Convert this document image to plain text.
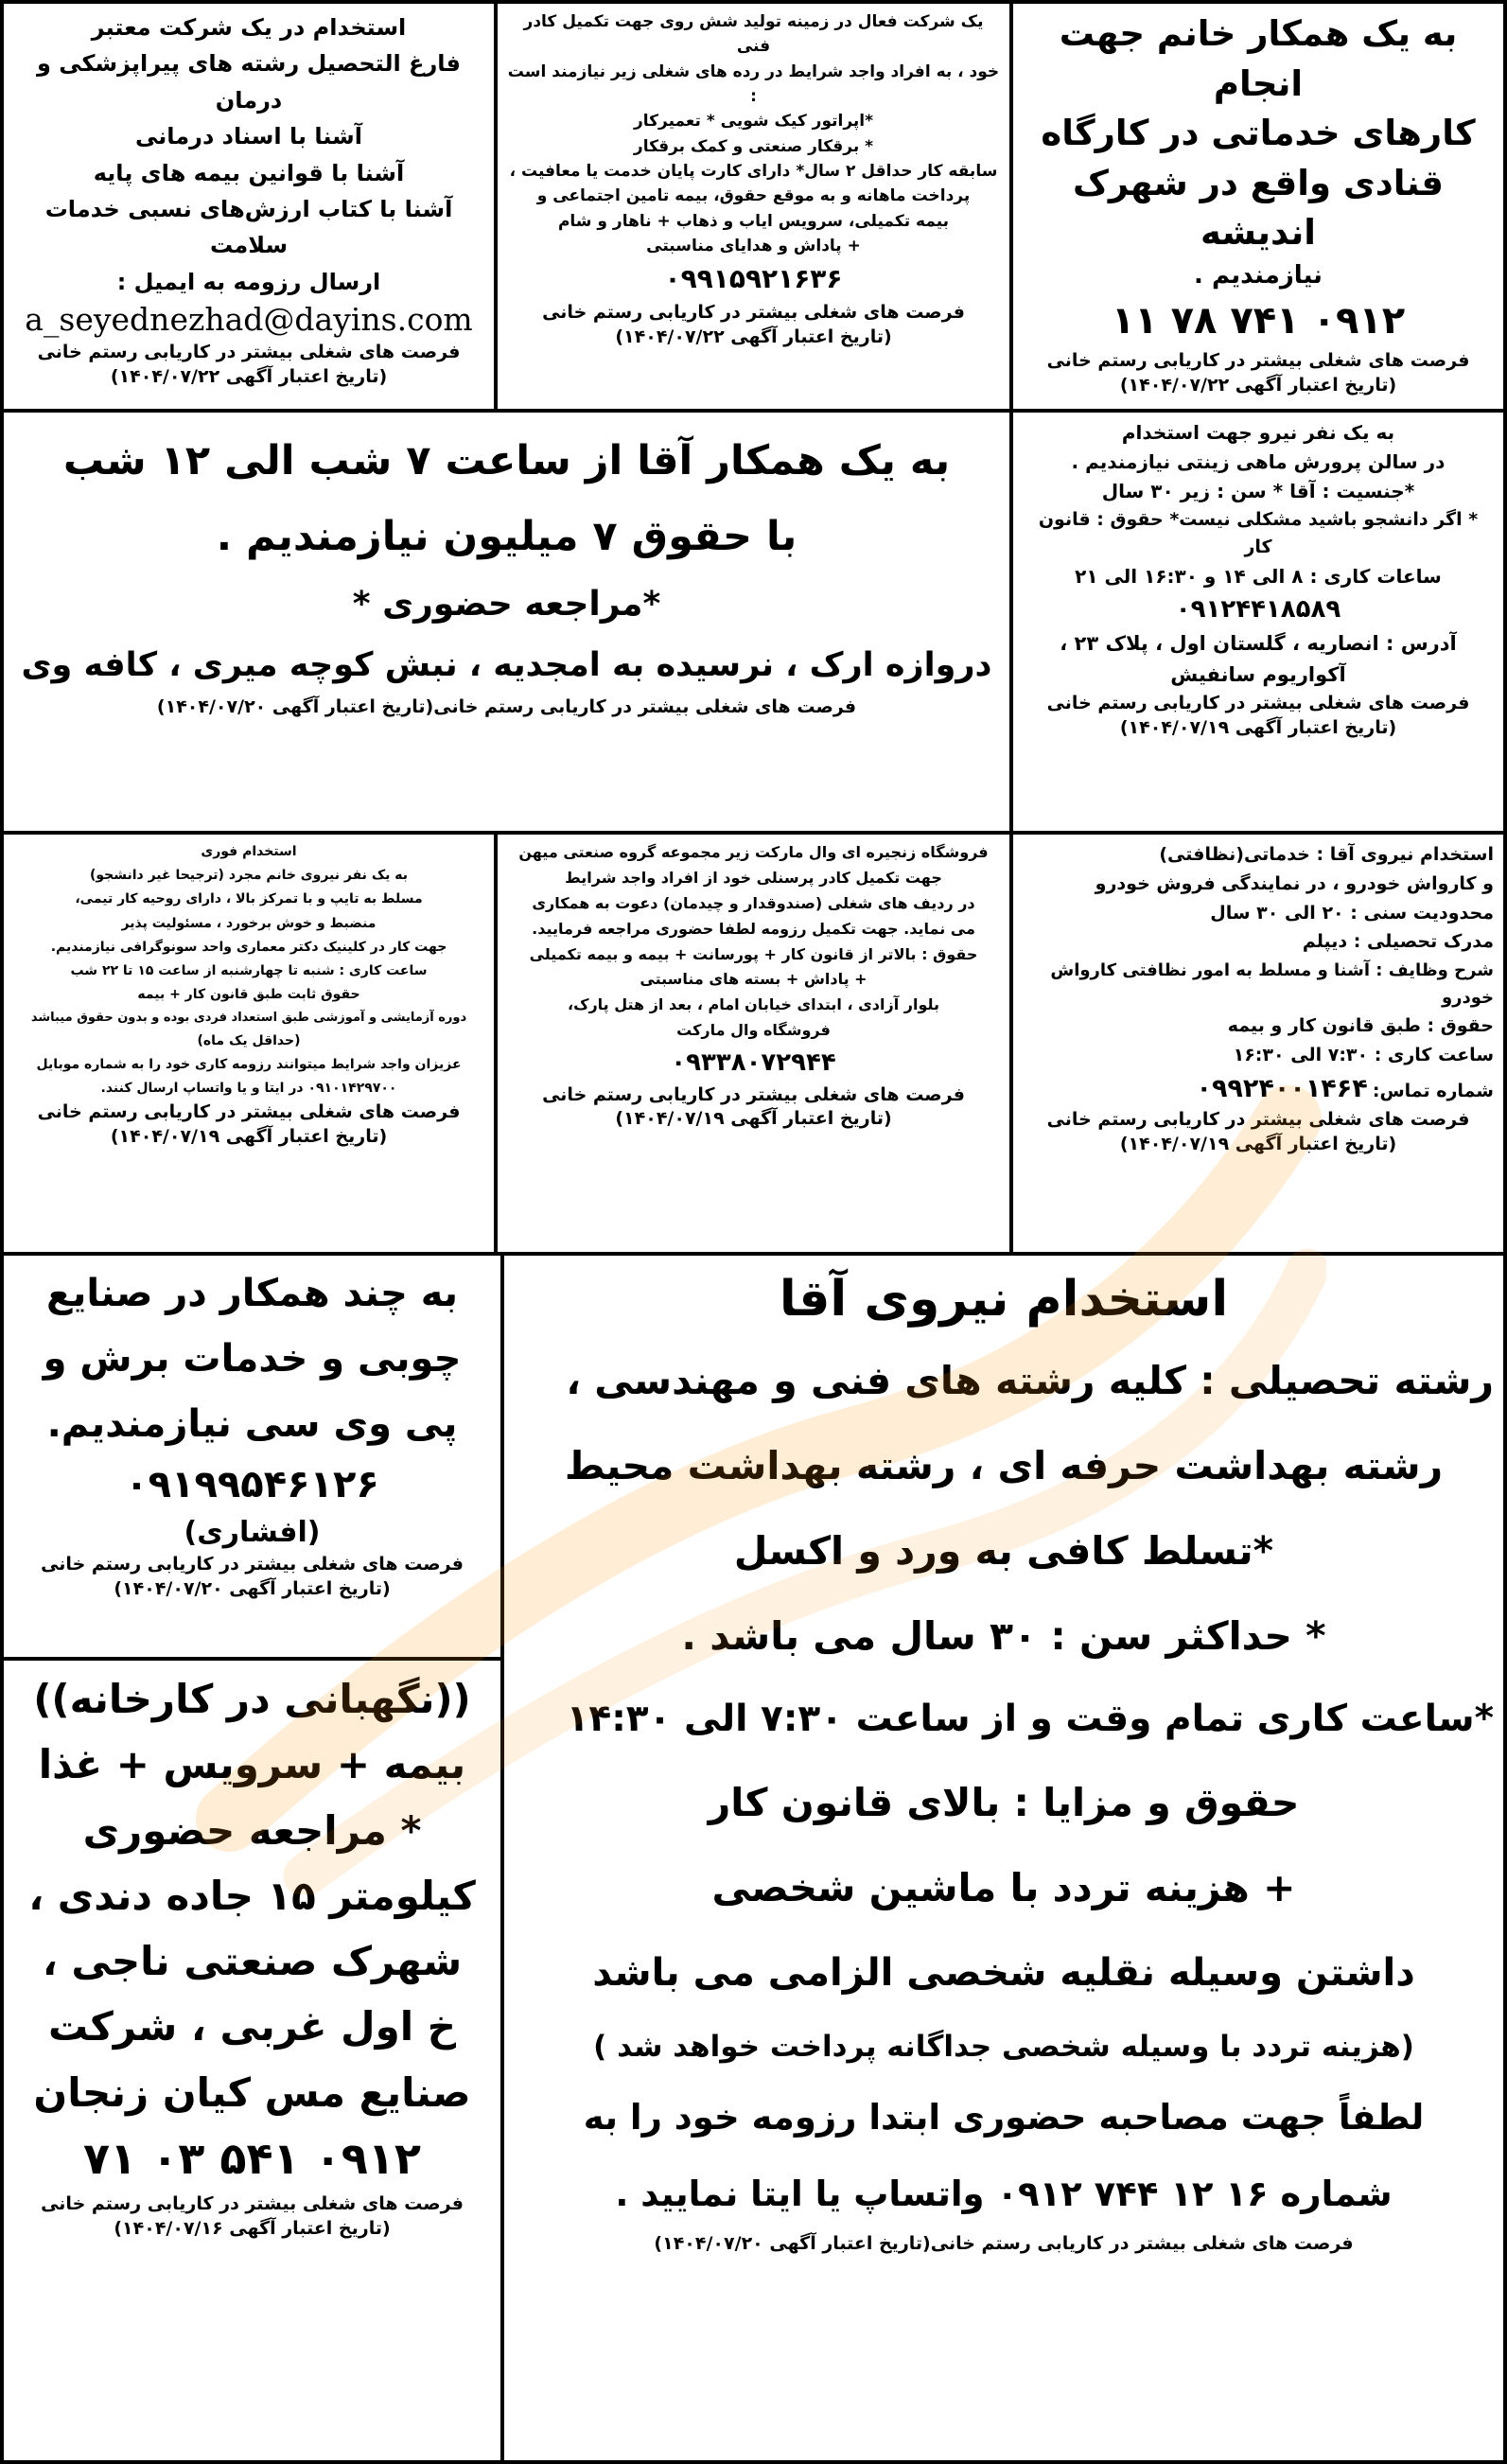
به یک همکار خانم جهت انجام

کارهای خدماتی در کارگاه

قنادی واقع در شهرک اندیشه

نیازمندیم .

۰۹۱۲ ۷۴۱ ۷۸ ۱۱

فرصت های شغلی بیشتر در کاریابی رستم خانی

(تاریخ اعتبار آگهی ۱۴۰۴/۰۷/۲۲)

یک شرکت فعال در زمینه تولید شش روی جهت تکمیل کادر فنی

خود ، به افراد واجد شرایط در رده های شغلی زیر نیازمند است :

*اپراتور کیک شویی * تعمیرکار

* برقکار صنعتی و کمک برقکار

سابقه کار حداقل ۲ سال* دارای کارت پایان خدمت یا معافیت ،

پرداخت ماهانه و به موقع حقوق، بیمه تامین اجتماعی و

بیمه تکمیلی، سرویس ایاب و ذهاب + ناهار و شام

+ پاداش و هدایای مناسبتی

۰۹۹۱۵۹۲۱۶۳۶

فرصت های شغلی بیشتر در کاریابی رستم خانی

(تاریخ اعتبار آگهی ۱۴۰۴/۰۷/۲۲)

استخدام در یک شرکت معتبر

فارغ التحصیل رشته های پیراپزشکی و درمان

آشنا با اسناد درمانی

آشنا با قوانین بیمه های پایه

آشنا با کتاب ارزش‌های نسبی خدمات سلامت

ارسال رزومه به ایمیل :

a_seyednezhad@dayins.com

فرصت های شغلی بیشتر در کاریابی رستم خانی

(تاریخ اعتبار آگهی ۱۴۰۴/۰۷/۲۲)

به یک نفر نیرو جهت استخدام

در سالن پرورش ماهی زینتی نیازمندیم .

*جنسیت : آقا * سن : زیر ۳۰ سال

* اگر دانشجو باشید مشکلی نیست* حقوق : قانون کار

ساعات کاری : ۸ الی ۱۴ و ۱۶:۳۰ الی ۲۱

۰۹۱۲۴۴۱۸۵۸۹

آدرس : انصاریه ، گلستان اول ، پلاک ۲۳ ،

آکواریوم سانفیش

فرصت های شغلی بیشتر در کاریابی رستم خانی

(تاریخ اعتبار آگهی ۱۴۰۴/۰۷/۱۹)

به یک همکار آقا از ساعت ۷ شب الی ۱۲ شب

با حقوق ۷ میلیون نیازمندیم .

*مراجعه حضوری *

دروازه ارک ، نرسیده به امجدیه ، نبش کوچه میری ، کافه وی

فرصت های شغلی بیشتر در کاریابی رستم خانی(تاریخ اعتبار آگهی ۱۴۰۴/۰۷/۲۰)

استخدام نیروی آقا : خدماتی(نظافتی)

و کارواش خودرو ، در نمایندگی فروش خودرو

محدودیت سنی : ۲۰ الی ۳۰ سال

مدرک تحصیلی : دیپلم

شرح وظایف : آشنا و مسلط به امور نظافتی کارواش خودرو

حقوق : طبق قانون کار و بیمه

ساعت کاری : ۷:۳۰ الی ۱۶:۳۰

شماره تماس: ۰۹۹۲۴۰۰۱۴۶۴

فرصت های شغلی بیشتر در کاریابی رستم خانی

(تاریخ اعتبار آگهی ۱۴۰۴/۰۷/۱۹)

فروشگاه زنجیره ای وال مارکت زیر مجموعه گروه صنعتی میهن

جهت تکمیل کادر پرسنلی خود از افراد واجد شرایط

در ردیف های شغلی (صندوقدار و چیدمان) دعوت به همکاری

می نماید. جهت تکمیل رزومه لطفا حضوری مراجعه فرمایید.

حقوق : بالاتر از قانون کار + پورسانت + بیمه و بیمه تکمیلی

+ پاداش + بسته های مناسبتی

بلوار آزادی ، ابتدای خیابان امام ، بعد از هتل پارک،

فروشگاه وال مارکت

۰۹۳۳۸۰۷۲۹۴۴

فرصت های شغلی بیشتر در کاریابی رستم خانی

(تاریخ اعتبار آگهی ۱۴۰۴/۰۷/۱۹)

استخدام فوری

به یک نفر نیروی خانم مجرد (ترجیحا غیر دانشجو)

مسلط به تایپ و با تمرکز بالا ، دارای روحیه کار تیمی،

منضبط و خوش برخورد ، مسئولیت پذیر

جهت کار در کلینیک دکتر معماری واحد سونوگرافی نیازمندیم.

ساعت کاری : شنبه تا چهارشنبه از ساعت ۱۵ تا ۲۲ شب

حقوق ثابت طبق قانون کار + بیمه

دوره آزمایشی و آموزشی طبق استعداد فردی بوده و بدون حقوق میباشد

(حداقل یک ماه)

عزیزان واجد شرایط میتوانند رزومه کاری خود را به شماره موبایل

۰۹۱۰۱۴۲۹۷۰۰ در ایتا و یا واتساپ ارسال کنند.

فرصت های شغلی بیشتر در کاریابی رستم خانی

(تاریخ اعتبار آگهی ۱۴۰۴/۰۷/۱۹)

استخدام نیروی آقا

رشته تحصیلی : کلیه رشته های فنی و مهندسی ،

رشته بهداشت حرفه ای ، رشته بهداشت محیط

*تسلط کافی به ورد و اکسل

* حداکثر سن : ۳۰ سال می باشد .

*ساعت کاری تمام وقت و از ساعت ۷:۳۰ الی ۱۴:۳۰

حقوق و مزایا : بالای قانون کار

+ هزینه تردد با ماشین شخصی

داشتن وسیله نقلیه شخصی الزامی می باشد

(هزینه تردد با وسیله شخصی جداگانه پرداخت خواهد شد )

لطفاً جهت مصاحبه حضوری ابتدا رزومه خود را به

شماره ۱۶ ۱۲ ۷۴۴ ۰۹۱۲ واتساپ یا ایتا نمایید .

فرصت های شغلی بیشتر در کاریابی رستم خانی(تاریخ اعتبار آگهی ۱۴۰۴/۰۷/۲۰)

به چند همکار در صنایع

چوبی و خدمات برش و

پی وی سی نیازمندیم.

۰۹۱۹۹۵۴۶۱۲۶

(افشاری)

فرصت های شغلی بیشتر در کاریابی رستم خانی

(تاریخ اعتبار آگهی ۱۴۰۴/۰۷/۲۰)

((نگهبانی در کارخانه))

بیمه + سرویس + غذا

* مراجعه حضوری

کیلومتر ۱۵ جاده دندی ،

شهرک صنعتی ناجی ،

خ اول غربی ، شرکت

صنایع مس کیان زنجان

۰۹۱۲ ۵۴۱ ۰۳ ۷۱

فرصت های شغلی بیشتر در کاریابی رستم خانی

(تاریخ اعتبار آگهی ۱۴۰۴/۰۷/۱۶)
